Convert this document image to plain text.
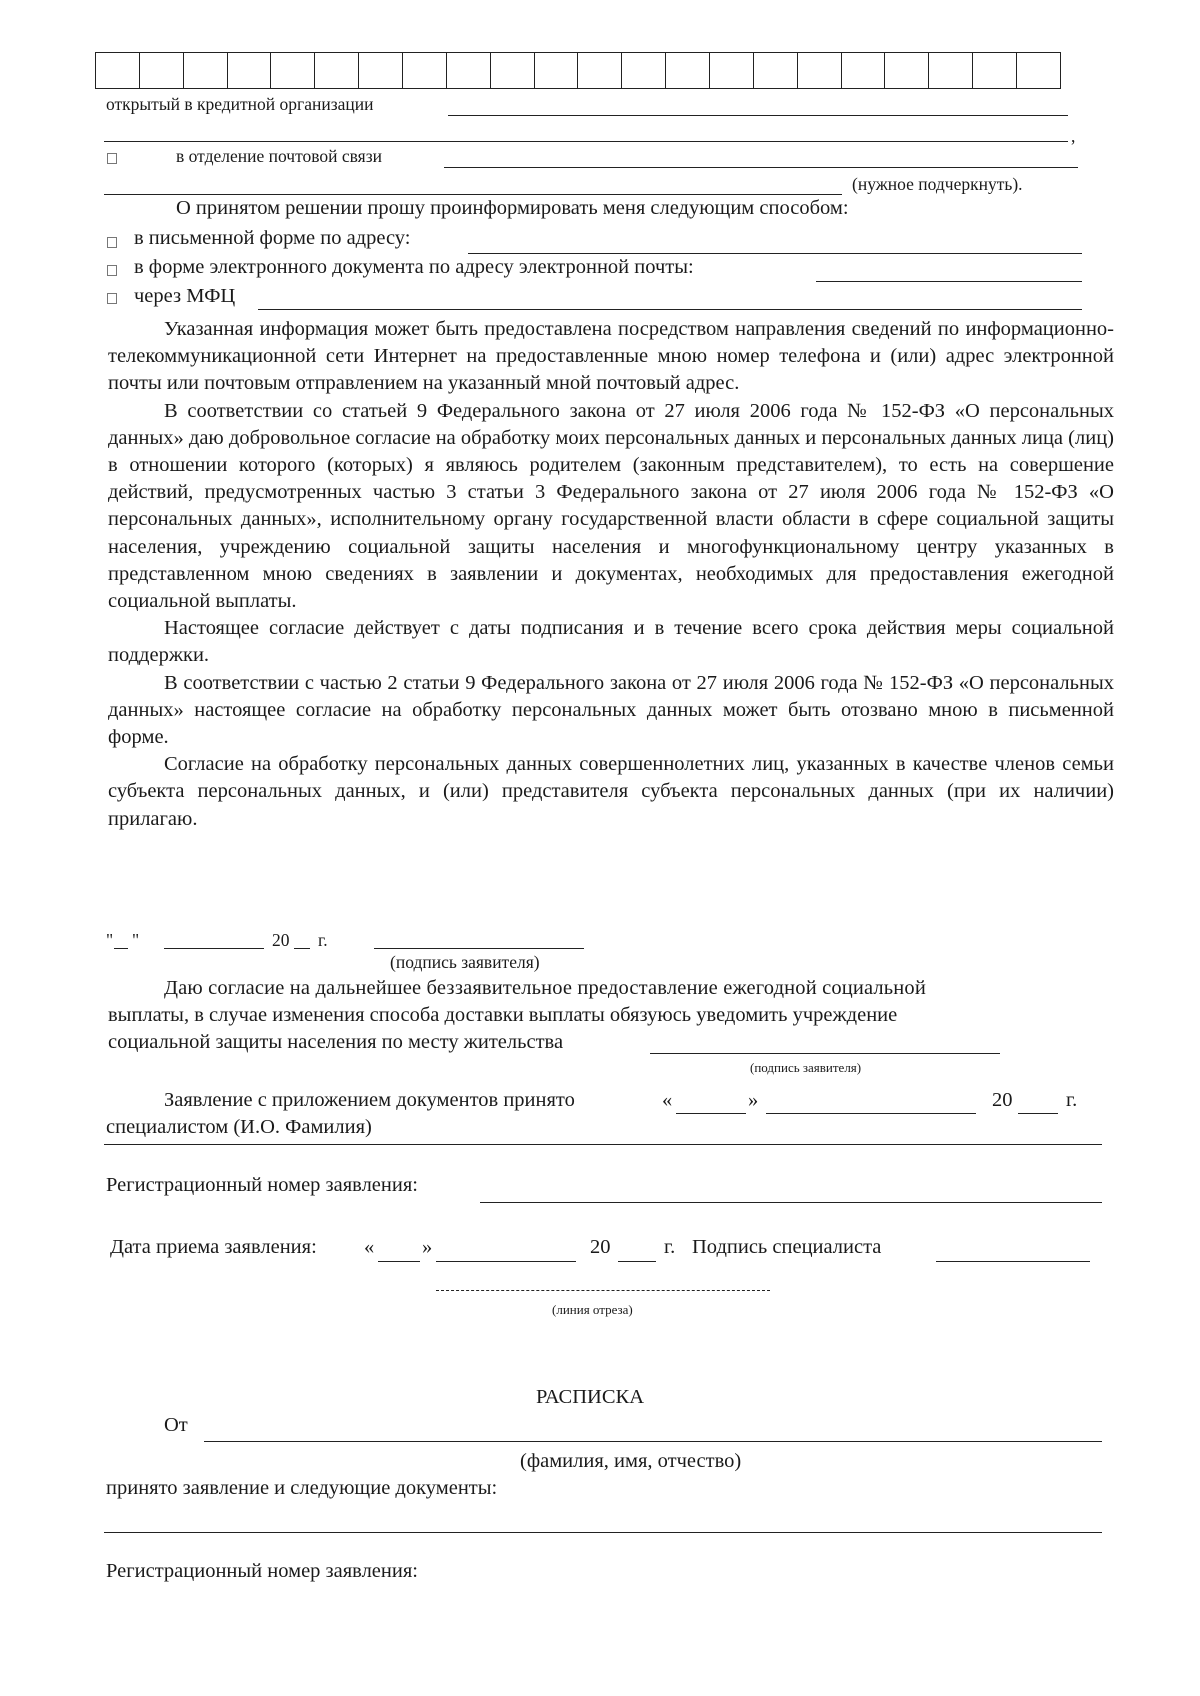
открытый в кредитной организации
,
в отделение почтовой связи
(нужное подчеркнуть).
О принятом решении прошу проинформировать меня следующим способом:
в письменной форме по адресу:
в форме электронного документа по адресу электронной почты:
через МФЦ

Указанная информация может быть предоставлена посредством направления сведений по информационно-телекоммуникационной сети Интернет на предоставленные мною номер телефона и (или) адрес электронной почты или почтовым отправлением на указанный мной почтовый адрес.

В соответствии со статьей 9 Федерального закона от 27 июля 2006 года № 152-ФЗ «О персональных данных» даю добровольное согласие на обработку моих персональных данных и персональных данных лица (лиц) в отношении которого (которых) я являюсь родителем (законным представителем), то есть на совершение действий, предусмотренных частью 3 статьи 3 Федерального закона от 27 июля 2006 года № 152-ФЗ «О персональных данных», исполнительному органу государственной власти области в сфере социальной защиты населения, учреждению социальной защиты населения и многофункциональному центру указанных в представленном мною сведениях в заявлении и документах, необходимых для предоставления ежегодной социальной выплаты.

Настоящее согласие действует с даты подписания и в течение всего срока действия меры социальной поддержки.

В соответствии с частью 2 статьи 9 Федерального закона от 27 июля 2006 года № 152-ФЗ «О персональных данных» настоящее согласие на обработку персональных данных может быть отозвано мною в письменной форме.

Согласие на обработку персональных данных совершеннолетних лиц, указанных в качестве членов семьи субъекта персональных данных, и (или) представителя субъекта персональных данных (при их наличии) прилагаю.

" "	20 г.
(подпись заявителя)
Даю согласие на дальнейшее беззаявительное предоставление ежегодной социальной
выплаты, в случае изменения способа доставки выплаты обязуюсь уведомить учреждение
социальной защиты населения по месту жительства
(подпись заявителя)
Заявление с приложением документов принято	«	»	20	г.
специалистом (И.О. Фамилия)
Регистрационный номер заявления:
Дата приема заявления: « »	20	г. Подпись специалиста
(линия отреза)
РАСПИСКА
От
(фамилия, имя, отчество)
принято заявление и следующие документы:
Регистрационный номер заявления:
